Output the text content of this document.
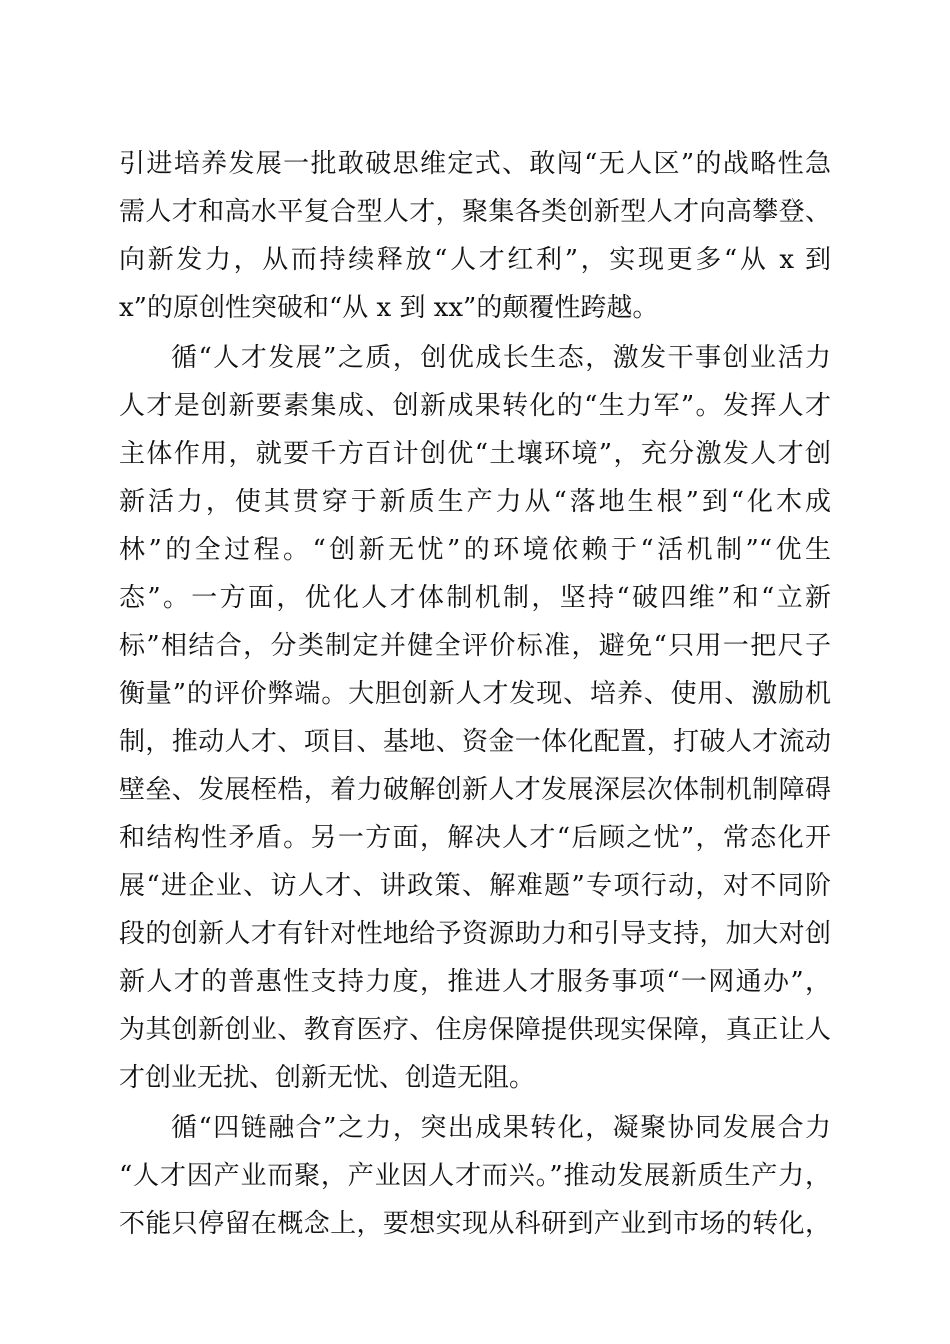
引进培养发展一批敢破思维定式、敢闯“无人区”的战略性急
需人才和高水平复合型人才，聚集各类创新型人才向高攀登、
向新发力，从而持续释放“人才红利”，实现更多“从 x 到
x”的原创性突破和“从 x 到 xx”的颠覆性跨越。
循“人才发展”之质，创优成长生态，激发干事创业活力
人才是创新要素集成、创新成果转化的“生力军”。发挥人才
主体作用，就要千方百计创优“土壤环境”，充分激发人才创
新活力，使其贯穿于新质生产力从“落地生根”到“化木成
林”的全过程。“创新无忧”的环境依赖于“活机制”“优生
态”。一方面，优化人才体制机制，坚持“破四维”和“立新
标”相结合，分类制定并健全评价标准，避免“只用一把尺子
衡量”的评价弊端。大胆创新人才发现、培养、使用、激励机
制，推动人才、项目、基地、资金一体化配置，打破人才流动
壁垒、发展桎梏，着力破解创新人才发展深层次体制机制障碍
和结构性矛盾。另一方面，解决人才“后顾之忧”，常态化开
展“进企业、访人才、讲政策、解难题”专项行动，对不同阶
段的创新人才有针对性地给予资源助力和引导支持，加大对创
新人才的普惠性支持力度，推进人才服务事项“一网通办”，
为其创新创业、教育医疗、住房保障提供现实保障，真正让人
才创业无扰、创新无忧、创造无阻。
循“四链融合”之力，突出成果转化，凝聚协同发展合力
“人才因产业而聚，产业因人才而兴。”推动发展新质生产力，
不能只停留在概念上，要想实现从科研到产业到市场的转化，
